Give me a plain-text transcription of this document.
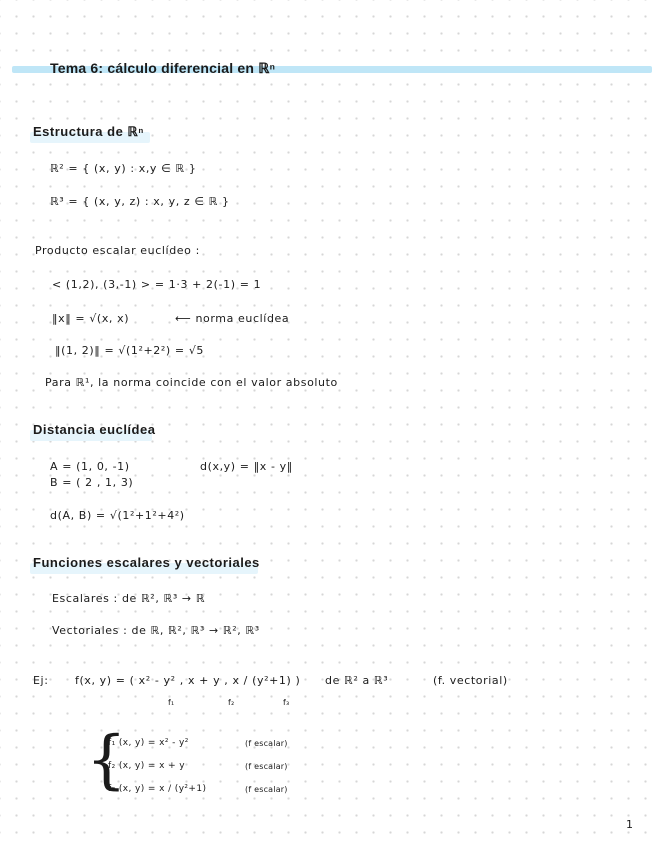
Tema 6: cálculo diferencial en ℝⁿ
Estructura de ℝⁿ
ℝ² = { (x, y) : x,y ∈ ℝ }
ℝ³ = { (x, y, z) : x, y, z ∈ ℝ }
Producto escalar euclídeo :
< (1,2), (3,-1) > = 1·3 + 2(-1) = 1
‖x‖ = √(x, x)	⟵ norma euclídea
‖(1, 2)‖ = √(1²+2²) = √5
Para ℝ¹, la norma coincide con el valor absoluto
Distancia euclídea
A = (1, 0, -1)
B = ( 2 , 1, 3)
d(x,y) = ‖x - y‖
d(A, B) = √(1²+1²+4²)
Funciones escalares y vectoriales
Escalares : de ℝ², ℝ³ → ℝ
Vectoriales : de ℝ, ℝ², ℝ³ → ℝ², ℝ³
Ej: f(x, y) = ( x² - y² , x + y , x / (y²+1) ) de ℝ² a ℝ³	(f. vectorial)
f₁	f₂	f₃
{
f₁ (x, y) = x² - y²	(f escalar)
f₂ (x, y) = x + y	(f escalar)
f₃ (x, y) = x / (y²+1)	(f escalar)
1
